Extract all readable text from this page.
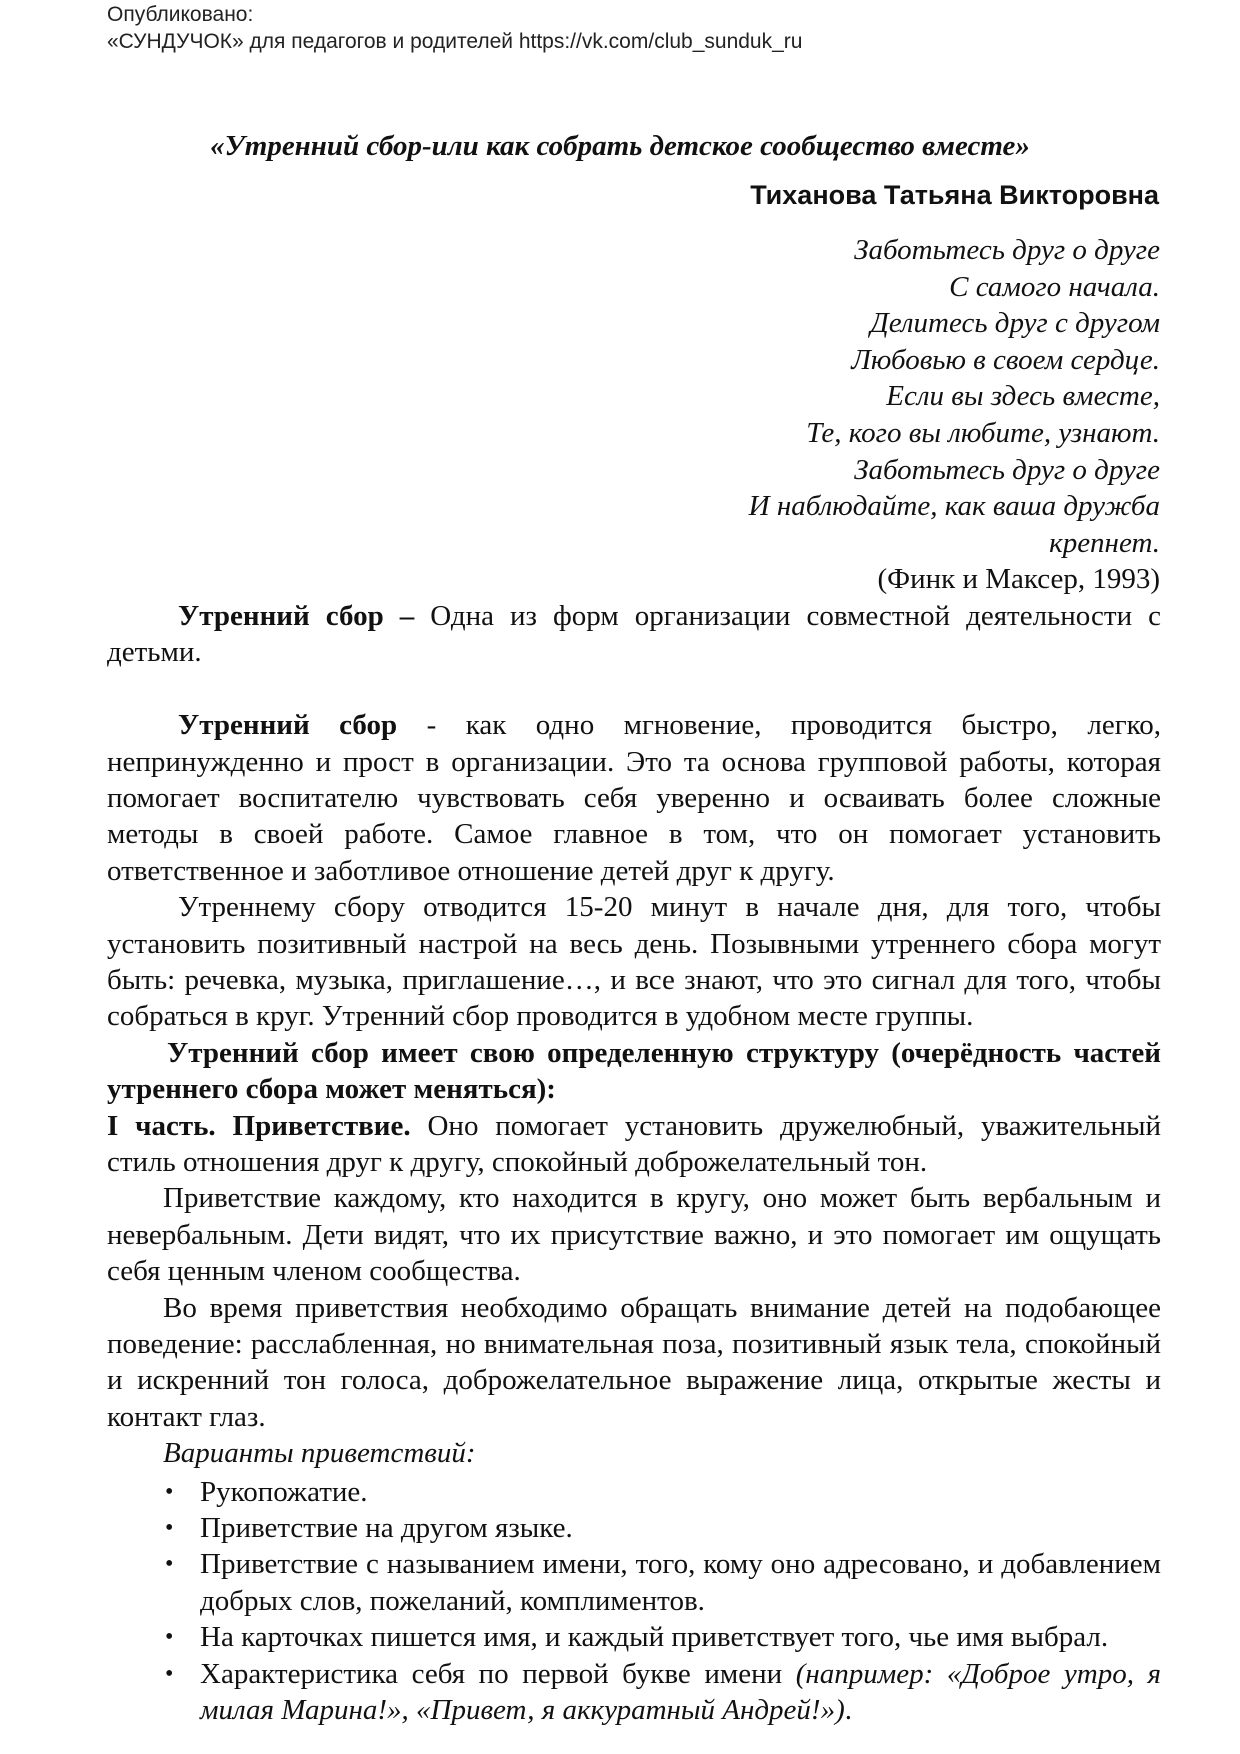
Опубликовано:
«СУНДУЧОК» для педагогов и родителей https://vk.com/club_sunduk_ru
«Утренний сбор-или как собрать детское сообщество вместе»
Тиханова Татьяна Викторовна
Заботьтесь друг о друге
С самого начала.
Делитесь друг с другом
Любовью в своем сердце.
Если вы здесь вместе,
Те, кого вы любите, узнают.
Заботьтесь друг о друге
И наблюдайте, как ваша дружба
крепнет.
(Финк и Максер, 1993)
Утренний сбор – Одна из форм организации совместной деятельности с
детьми.
Утренний сбор - как одно мгновение, проводится быстро, легко,
непринужденно и прост в организации. Это та основа групповой работы, которая
помогает воспитателю чувствовать себя уверенно и осваивать более сложные
методы в своей работе. Самое главное в том, что он помогает установить
ответственное и заботливое отношение детей друг к другу.
Утреннему сбору отводится 15-20 минут в начале дня, для того, чтобы
установить позитивный настрой на весь день. Позывными утреннего сбора могут
быть: речевка, музыка, приглашение…, и все знают, что это сигнал для того, чтобы
собраться в круг. Утренний сбор проводится в удобном месте группы.
Утренний сбор имеет свою определенную структуру (очерёдность частей
утреннего сбора может меняться):
I часть. Приветствие. Оно помогает установить дружелюбный, уважительный
стиль отношения друг к другу, спокойный доброжелательный тон.
Приветствие каждому, кто находится в кругу, оно может быть вербальным и
невербальным. Дети видят, что их присутствие важно, и это помогает им ощущать
себя ценным членом сообщества.
Во время приветствия необходимо обращать внимание детей на подобающее
поведение: расслабленная, но внимательная поза, позитивный язык тела, спокойный
и искренний тон голоса, доброжелательное выражение лица, открытые жесты и
контакт глаз.
Варианты приветствий:
• Рукопожатие.
• Приветствие на другом языке.
• Приветствие с называнием имени, того, кому оно адресовано, и добавлением
добрых слов, пожеланий, комплиментов.
• На карточках пишется имя, и каждый приветствует того, чье имя выбрал.
• Характеристика себя по первой букве имени (например: «Доброе утро, я
милая Марина!», «Привет, я аккуратный Андрей!»).
